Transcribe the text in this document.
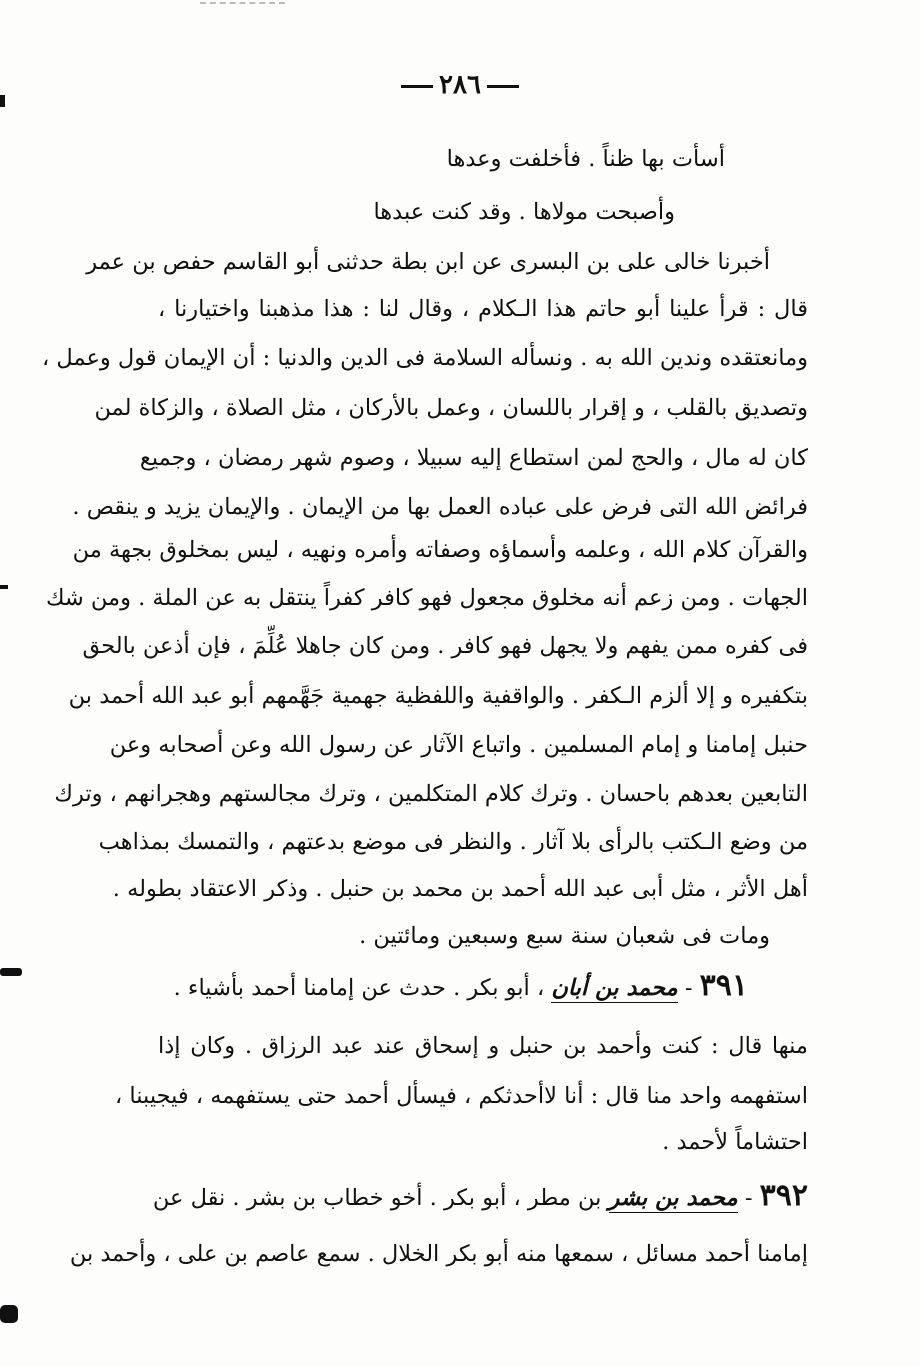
٢٨٦
أسأت بها ظناً . فأخلفت وعدها
وأصبحت مولاها . وقد كنت عبدها
أخبرنا خالى على بن البسرى عن ابن بطة حدثنى أبو القاسم حفص بن عمر
قال : قرأ علينا أبو حاتم هذا الـكلام ، وقال لنا : هذا مذهبنا واختيارنا ،
ومانعتقده وندين الله به . ونسأله السلامة فى الدين والدنيا : أن الإيمان قول وعمل ،
وتصديق بالقلب ، و إقرار باللسان ، وعمل بالأركان ، مثل الصلاة ، والزكاة لمن
كان له مال ، والحج لمن استطاع إليه سبيلا ، وصوم شهر رمضان ، وجميع
فرائض الله التى فرض على عباده العمل بها من الإيمان . والإيمان يزيد و ينقص .
والقرآن كلام الله ، وعلمه وأسماؤه وصفاته وأمره ونهيه ، ليس بمخلوق بجهة من
الجهات . ومن زعم أنه مخلوق مجعول فهو كافر كفراً ينتقل به عن الملة . ومن شك
فى كفره ممن يفهم ولا يجهل فهو كافر . ومن كان جاهلا عُلِّمَ ، فإن أذعن بالحق
بتكفيره و إلا ألزم الـكفر . والواقفية واللفظية جهمية جَهَّمهم أبو عبد الله أحمد بن
حنبل إمامنا و إمام المسلمين . واتباع الآثار عن رسول الله وعن أصحابه وعن
التابعين بعدهم باحسان . وترك كلام المتكلمين ، وترك مجالستهم وهجرانهم ، وترك
من وضع الـكتب بالرأى بلا آثار . والنظر فى موضع بدعتهم ، والتمسك بمذاهب
أهل الأثر ، مثل أبى عبد الله أحمد بن محمد بن حنبل . وذكر الاعتقاد بطوله .
ومات فى شعبان سنة سبع وسبعين ومائتين .
٣٩١ - محمد بن أبان ، أبو بكر . حدث عن إمامنا أحمد بأشياء .
منها قال : كنت وأحمد بن حنبل و إسحاق عند عبد الرزاق . وكان إذا
استفهمه واحد منا قال : أنا لاأحدثكم ، فيسأل أحمد حتى يستفهمه ، فيجيبنا ،
احتشاماً لأحمد .
٣٩٢ - محمد بن بشر بن مطر ، أبو بكر . أخو خطاب بن بشر . نقل عن
إمامنا أحمد مسائل ، سمعها منه أبو بكر الخلال . سمع عاصم بن على ، وأحمد بن
